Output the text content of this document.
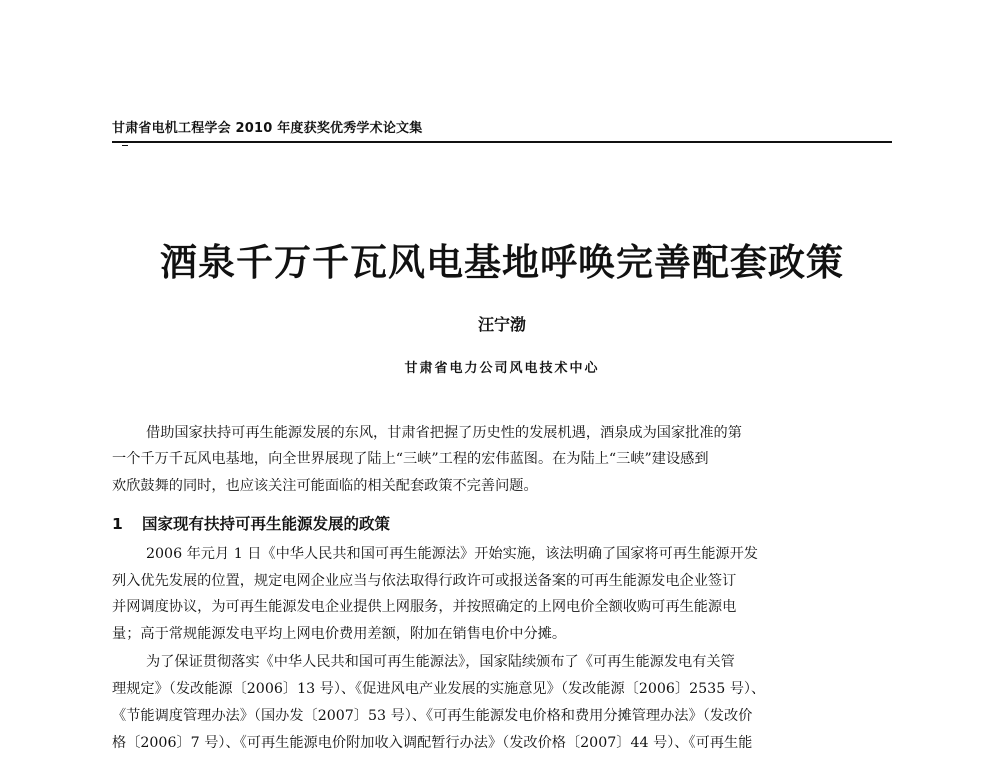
甘肃省电机工程学会 2010 年度获奖优秀学术论文集
酒泉千万千瓦风电基地呼唤完善配套政策
汪宁渤
甘肃省电力公司风电技术中心
借助国家扶持可再生能源发展的东风，甘肃省把握了历史性的发展机遇，酒泉成为国家批准的第
一个千万千瓦风电基地，向全世界展现了陆上“三峡”工程的宏伟蓝图。在为陆上“三峡”建设感到
欢欣鼓舞的同时，也应该关注可能面临的相关配套政策不完善问题。
1 国家现有扶持可再生能源发展的政策
2006 年元月 1 日《中华人民共和国可再生能源法》开始实施，该法明确了国家将可再生能源开发
列入优先发展的位置，规定电网企业应当与依法取得行政许可或报送备案的可再生能源发电企业签订
并网调度协议，为可再生能源发电企业提供上网服务，并按照确定的上网电价全额收购可再生能源电
量；高于常规能源发电平均上网电价费用差额，附加在销售电价中分摊。
为了保证贯彻落实《中华人民共和国可再生能源法》，国家陆续颁布了《可再生能源发电有关管
理规定》（发改能源〔2006〕13 号）、《促进风电产业发展的实施意见》（发改能源〔2006〕2535 号）、
《节能调度管理办法》（国办发〔2007〕53 号）、《可再生能源发电价格和费用分摊管理办法》（发改价
格〔2006〕7 号）、《可再生能源电价附加收入调配暂行办法》（发改价格〔2007〕44 号）、《可再生能
